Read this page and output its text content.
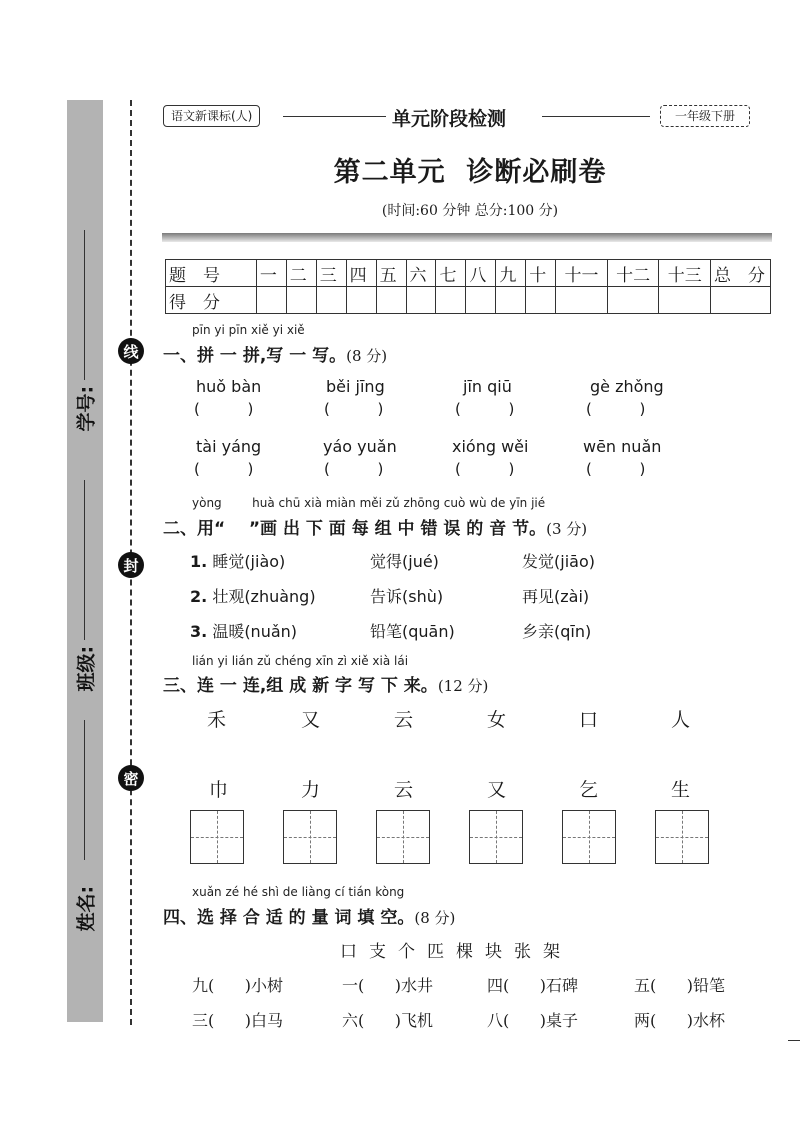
学号:
班级:
姓名:
线
封
密
语文新课标(人)	单元阶段检测	一年级下册
第二单元  诊断必刷卷
(时间:60 分钟 总分:100 分)
题　号	一	二	三	四	五	六	七	八	九	十	十一	十二	十三	总　分
得　分														
pīn yi pīn xiě yi xiě
一、拼 一 拼,写 一 写。(8 分)
huǒ bàn	běi jīng	jīn qiū	gè zhǒng
(          )	(          )	(          )	(          )
tài yáng	yáo yuǎn	xióng wěi	wēn nuǎn
(          )	(          )	(          )	(          )
yòng        huà chū xià miàn měi zǔ zhōng cuò wù de yīn jié
二、用“    ”画 出 下 面 每 组 中 错 误 的 音 节。(3 分)
1. 睡觉(jiào)	觉得(jué)	发觉(jiāo)
2. 壮观(zhuàng)	告诉(shù)	再见(zài)
3. 温暖(nuǎn)	铅笔(quān)	乡亲(qīn)
lián yi lián zǔ chéng xīn zì xiě xià lái
三、连 一 连,组 成 新 字 写 下 来。(12 分)
禾	又	云	女	口	人
巾	力	云	又	乞	生
xuǎn zé hé shì de liàng cí tián kòng
四、选 择 合 适 的 量 词 填 空。(8 分)
口 支 个 匹 棵 块 张 架
九( )小树	一( )水井	四( )石碑	五( )铅笔
三( )白马	六( )飞机	八( )桌子	两( )水杯
